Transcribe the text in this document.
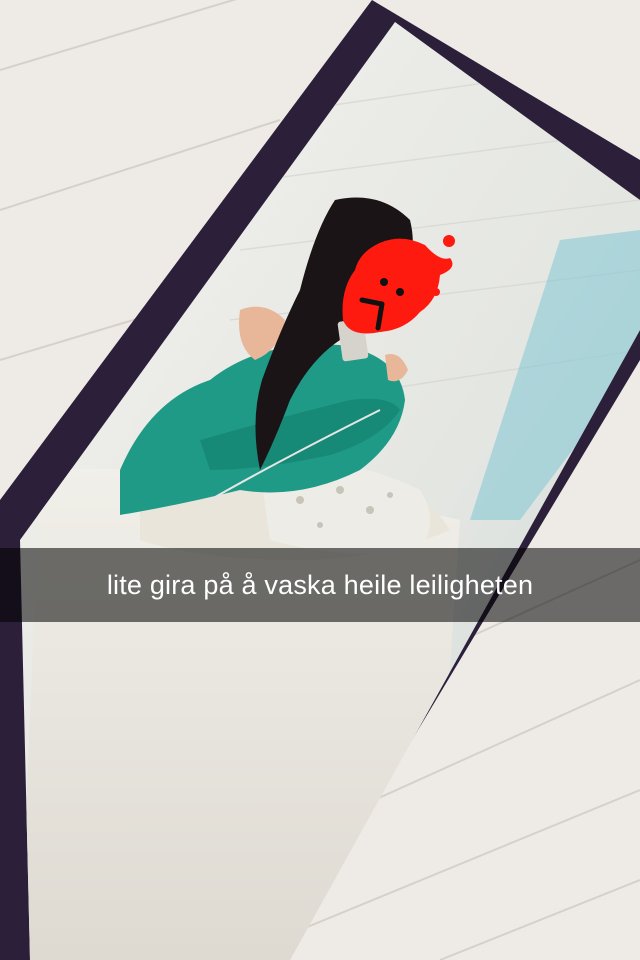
lite gira på å vaska heile leiligheten
